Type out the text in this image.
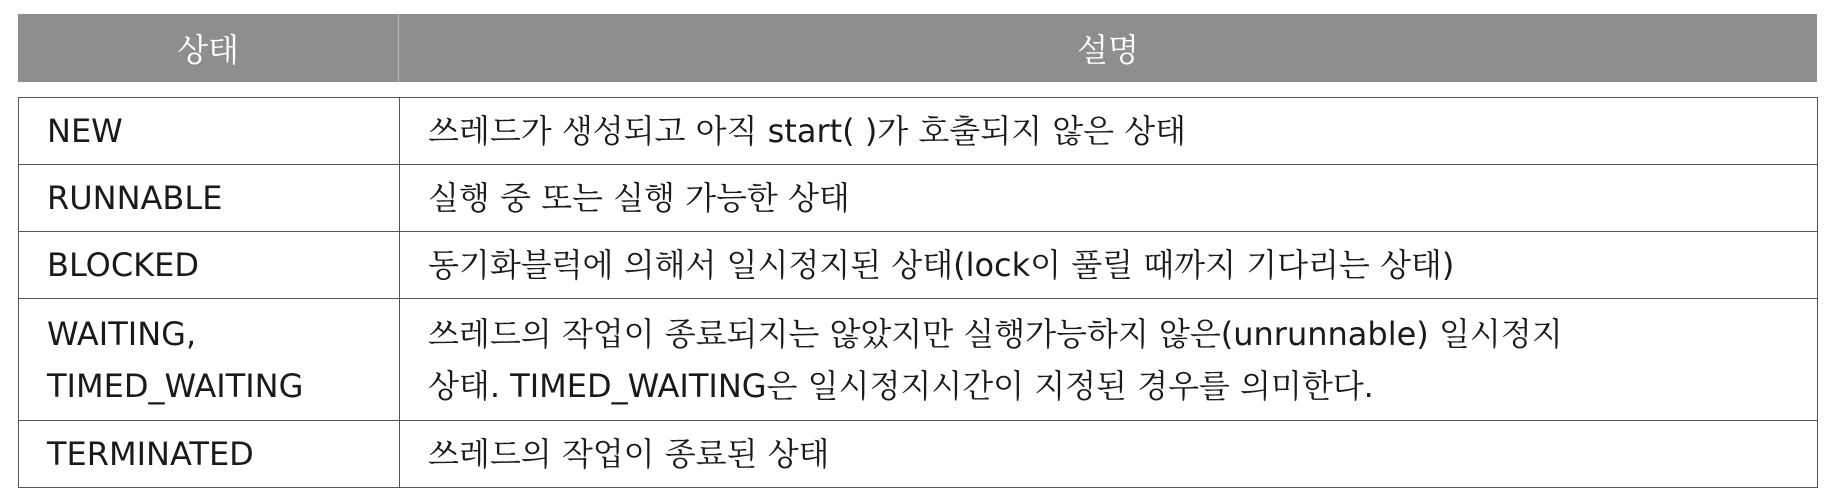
상태	설명
NEW	쓰레드가 생성되고 아직 start( )가 호출되지 않은 상태
RUNNABLE	실행 중 또는 실행 가능한 상태
BLOCKED	동기화블럭에 의해서 일시정지된 상태(lock이 풀릴 때까지 기다리는 상태)

WAITING,
TIMED_WAITING	쓰레드의 작업이 종료되지는 않았지만 실행가능하지 않은(unrunnable) 일시정지
상태. TIMED_WAITING은 일시정지시간이 지정된 경우를 의미한다.

TERMINATED	쓰레드의 작업이 종료된 상태
